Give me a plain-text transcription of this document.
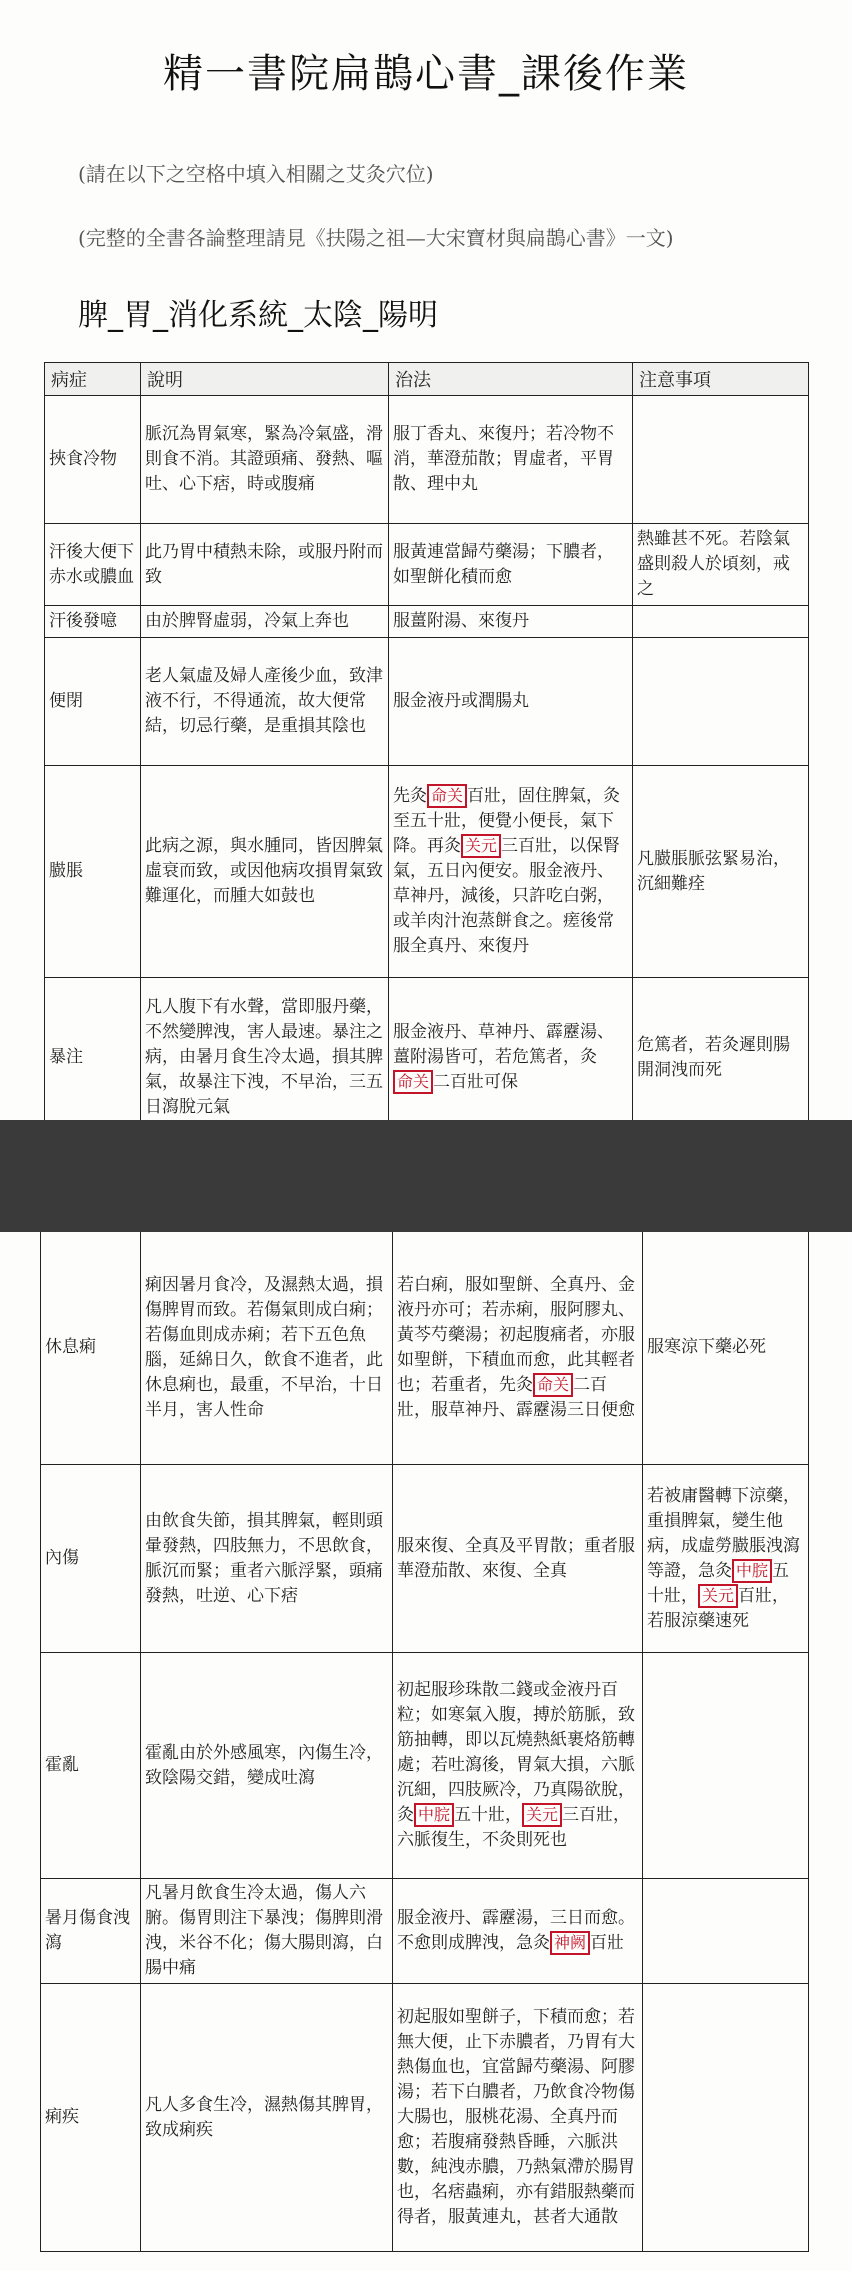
精一書院扁鵲心書_課後作業
(請在以下之空格中填入相關之艾灸穴位)
(完整的全書各論整理請見《扶陽之祖—大宋寶材與扁鵲心書》一文)
脾_胃_消化系統_太陰_陽明
病症	說明	治法	注意事項
挾食冷物	脈沉為胃氣寒，緊為冷氣盛，滑則食不消。其證頭痛、發熱、嘔吐、心下痞，時或腹痛	服丁香丸、來復丹；若冷物不消，華澄茄散；胃虛者，平胃散、理中丸	
汗後大便下赤水或膿血	此乃胃中積熱未除，或服丹附而致	服黃連當歸芍藥湯；下膿者，如聖餅化積而愈	熱雖甚不死。若陰氣盛則殺人於頃刻，戒之
汗後發噫	由於脾腎虛弱，冷氣上奔也	服薑附湯、來復丹	
便閉	老人氣虛及婦人產後少血，致津液不行，不得通流，故大便常結，切忌行藥，是重損其陰也	服金液丹或潤腸丸	
臌脹	此病之源，與水腫同，皆因脾氣虛衰而致，或因他病攻損胃氣致難運化，而腫大如鼓也	先灸 命关 百壯，固住脾氣，灸至五十壯，便覺小便長，氣下降。再灸 关元 三百壯，以保腎氣，五日內便安。服金液丹、草神丹，減後，只許吃白粥，或羊肉汁泡蒸餅食之。瘥後常服全真丹、來復丹	凡臌脹脈弦緊易治，沉細難痊
暴注	凡人腹下有水聲，當即服丹藥，不然變脾洩，害人最速。暴注之病，由暑月食生冷太過，損其脾氣，故暴注下洩，不早治，三五日瀉脫元氣	服金液丹、草神丹、霹靂湯、薑附湯皆可，若危篤者，灸命关 二百壯可保	危篤者，若灸遲則腸開洞洩而死
休息痢	痢因暑月食冷，及濕熱太過，損傷脾胃而致。若傷氣則成白痢；若傷血則成赤痢；若下五色魚腦，延綿日久，飲食不進者，此休息痢也，最重，不早治，十日半月，害人性命	若白痢，服如聖餅、全真丹、金液丹亦可；若赤痢，服阿膠丸、黃芩芍藥湯；初起腹痛者，亦服如聖餅，下積血而愈，此其輕者也；若重者，先灸 命关 二百壯，服草神丹、霹靂湯三日便愈	服寒涼下藥必死
內傷	由飲食失節，損其脾氣，輕則頭暈發熱，四肢無力，不思飲食，脈沉而緊；重者六脈浮緊，頭痛發熱，吐逆、心下痞	服來復、全真及平胃散；重者服華澄茄散、來復、全真	若被庸醫轉下涼藥，重損脾氣，變生他病，成虛勞臌脹洩瀉等證，急灸 中脘 五十壯， 关元 百壯，若服涼藥速死
霍亂	霍亂由於外感風寒，內傷生冷，致陰陽交錯，變成吐瀉	初起服珍珠散二錢或金液丹百粒；如寒氣入腹，搏於筋脈，致筋抽轉，即以瓦燒熱紙裹烙筋轉處；若吐瀉後，胃氣大損，六脈沉細，四肢厥冷，乃真陽欲脫，灸 中脘 五十壯， 关元 三百壯，六脈復生，不灸則死也	
暑月傷食洩瀉	凡暑月飲食生冷太過，傷人六腑。傷胃則注下暴洩；傷脾則滑洩，米谷不化；傷大腸則瀉，白腸中痛	服金液丹、霹靂湯，三日而愈。不愈則成脾洩，急灸 神阙 百壯	
痢疾	凡人多食生冷，濕熱傷其脾胃，致成痢疾	初起服如聖餅子，下積而愈；若無大便，止下赤膿者，乃胃有大熱傷血也，宜當歸芍藥湯、阿膠湯；若下白膿者，乃飲食冷物傷大腸也，服桃花湯、全真丹而愈；若腹痛發熱昏睡，六脈洪數，純洩赤膿，乃熱氣滯於腸胃也，名痞蟲痢，亦有錯服熱藥而得者，服黃連丸，甚者大通散	
